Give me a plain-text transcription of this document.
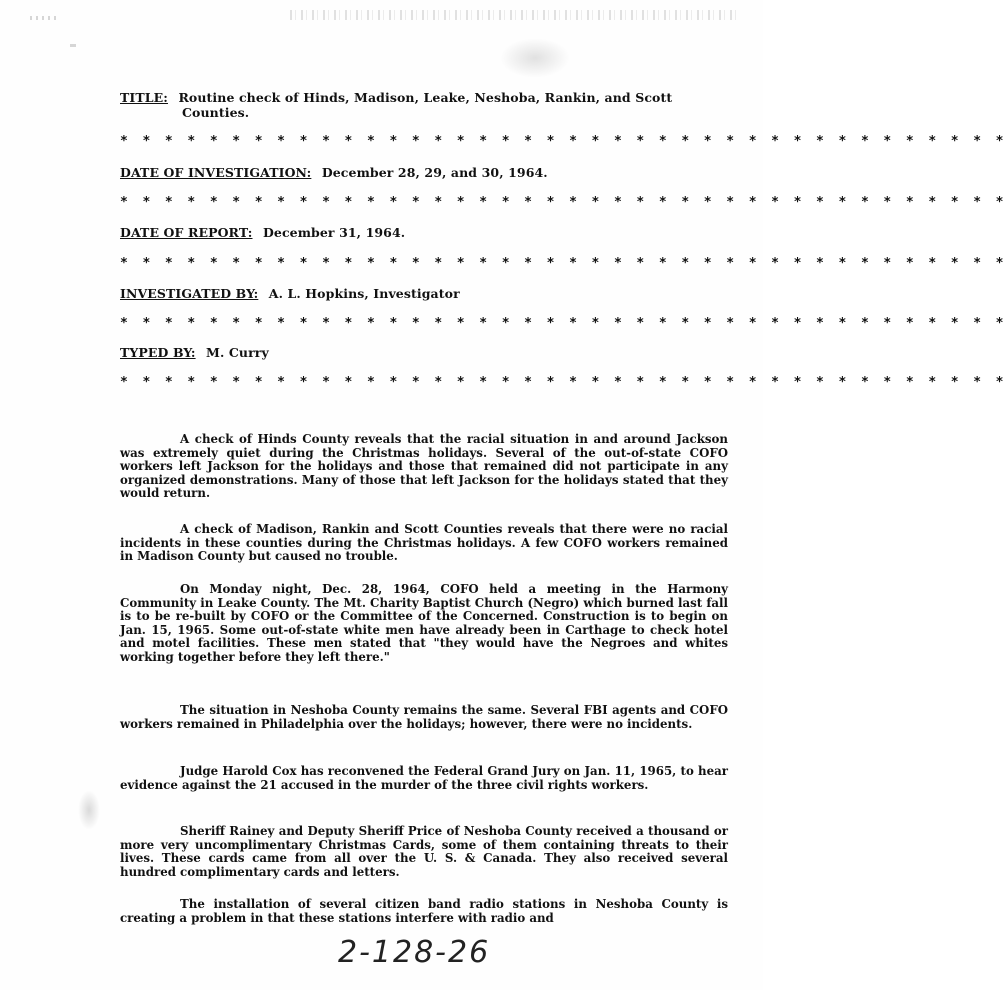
TITLE: Routine check of Hinds, Madison, Leake, Neshoba, Rankin, and Scott
Counties.
* * * * * * * * * * * * * * * * * * * * * * * * * * * * * * * * * * * * * * * *
DATE OF INVESTIGATION: December 28, 29, and 30, 1964.
* * * * * * * * * * * * * * * * * * * * * * * * * * * * * * * * * * * * * * * *
DATE OF REPORT: December 31, 1964.
* * * * * * * * * * * * * * * * * * * * * * * * * * * * * * * * * * * * * * * *
INVESTIGATED BY: A. L. Hopkins, Investigator
* * * * * * * * * * * * * * * * * * * * * * * * * * * * * * * * * * * * * * * *
TYPED BY: M. Curry
* * * * * * * * * * * * * * * * * * * * * * * * * * * * * * * * * * * * * * * *

A check of Hinds County reveals that the racial situation in and around Jackson was extremely quiet during the Christmas holidays. Several of the out-of-state COFO workers left Jackson for the holidays and those that remained did not participate in any organized demonstrations. Many of those that left Jackson for the holidays stated that they would return.

A check of Madison, Rankin and Scott Counties reveals that there were no racial incidents in these counties during the Christmas holidays. A few COFO workers remained in Madison County but caused no trouble.

On Monday night, Dec. 28, 1964, COFO held a meeting in the Harmony Community in Leake County. The Mt. Charity Baptist Church (Negro) which burned last fall is to be re-built by COFO or the Committee of the Concerned. Construction is to begin on Jan. 15, 1965. Some out-of-state white men have already been in Carthage to check hotel and motel facilities. These men stated that "they would have the Negroes and whites working together before they left there."

The situation in Neshoba County remains the same. Several FBI agents and COFO workers remained in Philadelphia over the holidays; however, there were no incidents.

Judge Harold Cox has reconvened the Federal Grand Jury on Jan. 11, 1965, to hear evidence against the 21 accused in the murder of the three civil rights workers.

Sheriff Rainey and Deputy Sheriff Price of Neshoba County received a thousand or more very uncomplimentary Christmas Cards, some of them containing threats to their lives. These cards came from all over the U. S. & Canada. They also received several hundred complimentary cards and letters.

The installation of several citizen band radio stations in Neshoba County is creating a problem in that these stations interfere with radio and

2-128-26
